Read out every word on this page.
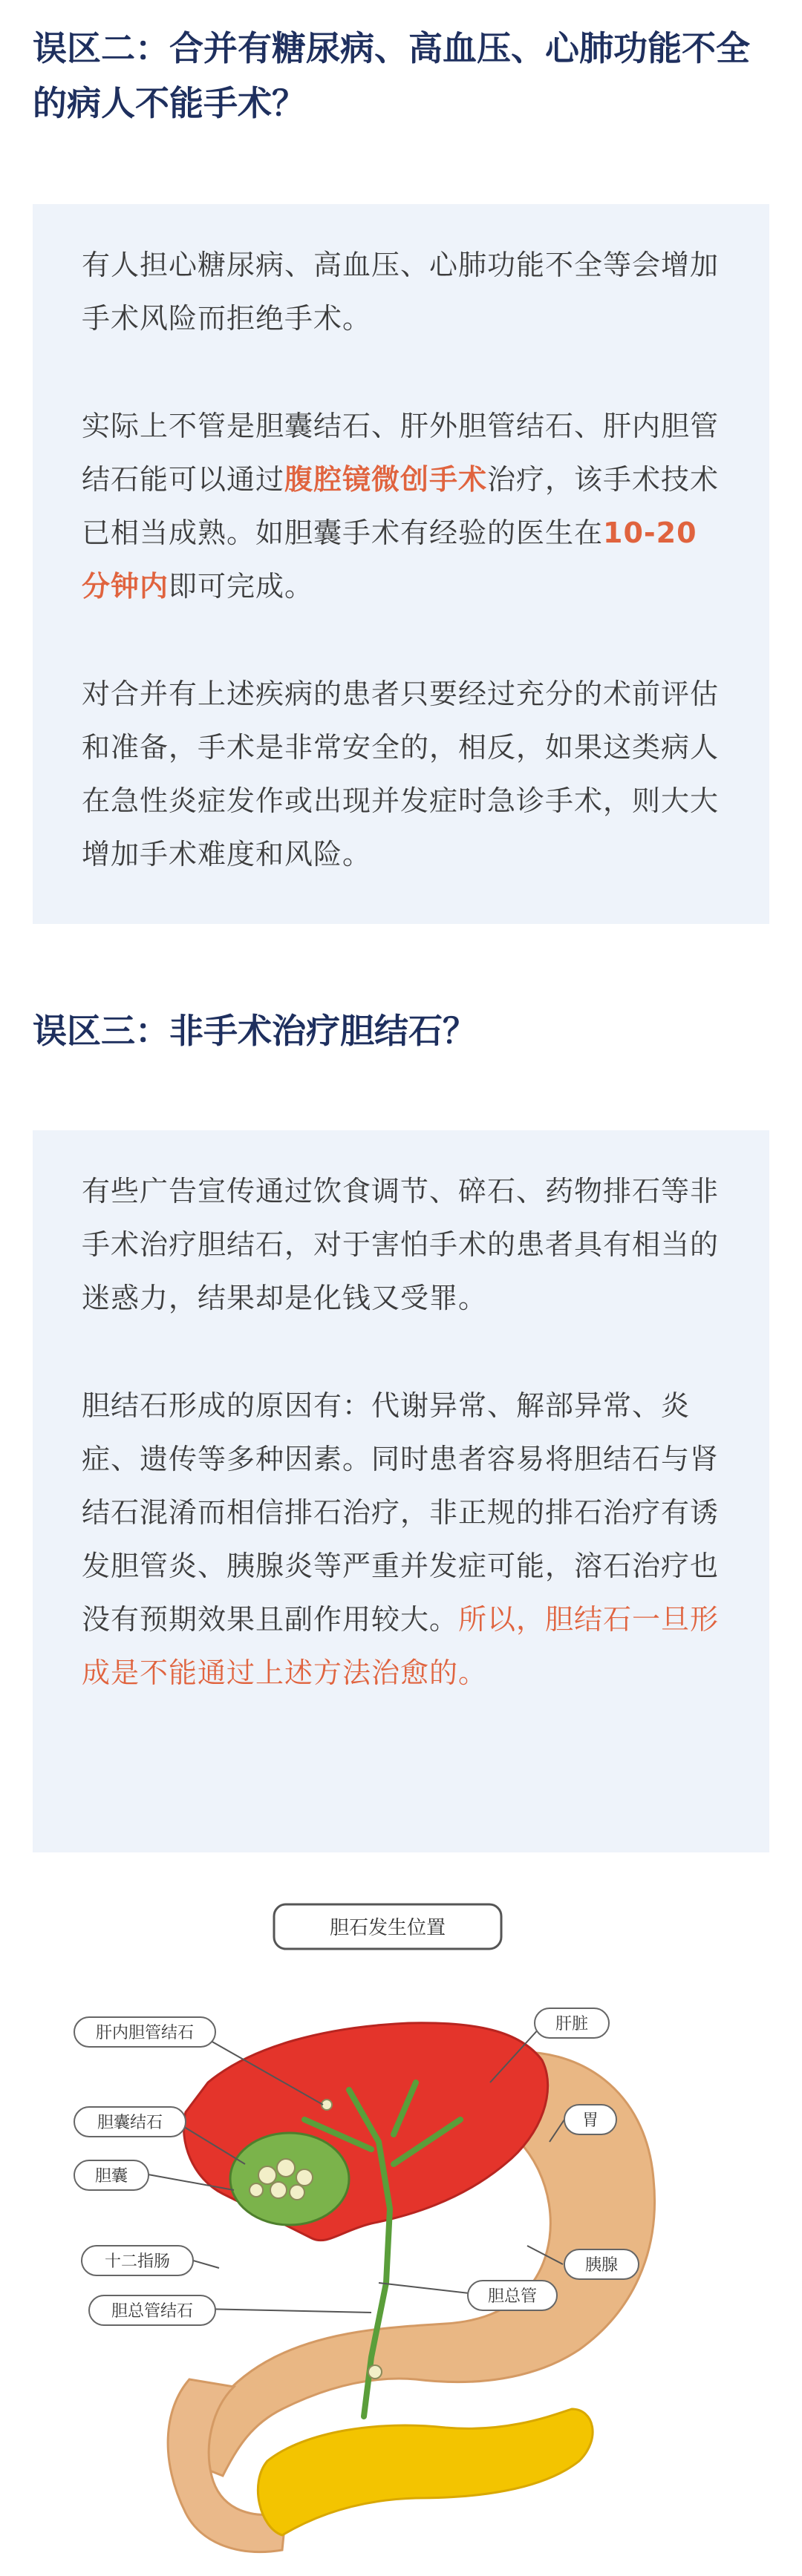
误区二：合并有糖尿病、高血压、心肺功能不全的病人不能手术？

有人担心糖尿病、高血压、心肺功能不全等会增加手术风险而拒绝手术。

实际上不管是胆囊结石、肝外胆管结石、肝内胆管结石能可以通过腹腔镜微创手术治疗，该手术技术已相当成熟。如胆囊手术有经验的医生在10-20分钟内即可完成。

对合并有上述疾病的患者只要经过充分的术前评估和准备，手术是非常安全的，相反，如果这类病人在急性炎症发作或出现并发症时急诊手术，则大大增加手术难度和风险。

误区三：非手术治疗胆结石？

有些广告宣传通过饮食调节、碎石、药物排石等非手术治疗胆结石，对于害怕手术的患者具有相当的迷惑力，结果却是化钱又受罪。

胆结石形成的原因有：代谢异常、解部异常、炎症、遗传等多种因素。同时患者容易将胆结石与肾结石混淆而相信排石治疗，非正规的排石治疗有诱发胆管炎、胰腺炎等严重并发症可能，溶石治疗也没有预期效果且副作用较大。所以，胆结石一旦形成是不能通过上述方法治愈的。

胆石发生位置
肝内胆管结石	肝脏
胆囊结石	胃
胆囊
十二指肠	胰腺
胆总管结石
胆总管
